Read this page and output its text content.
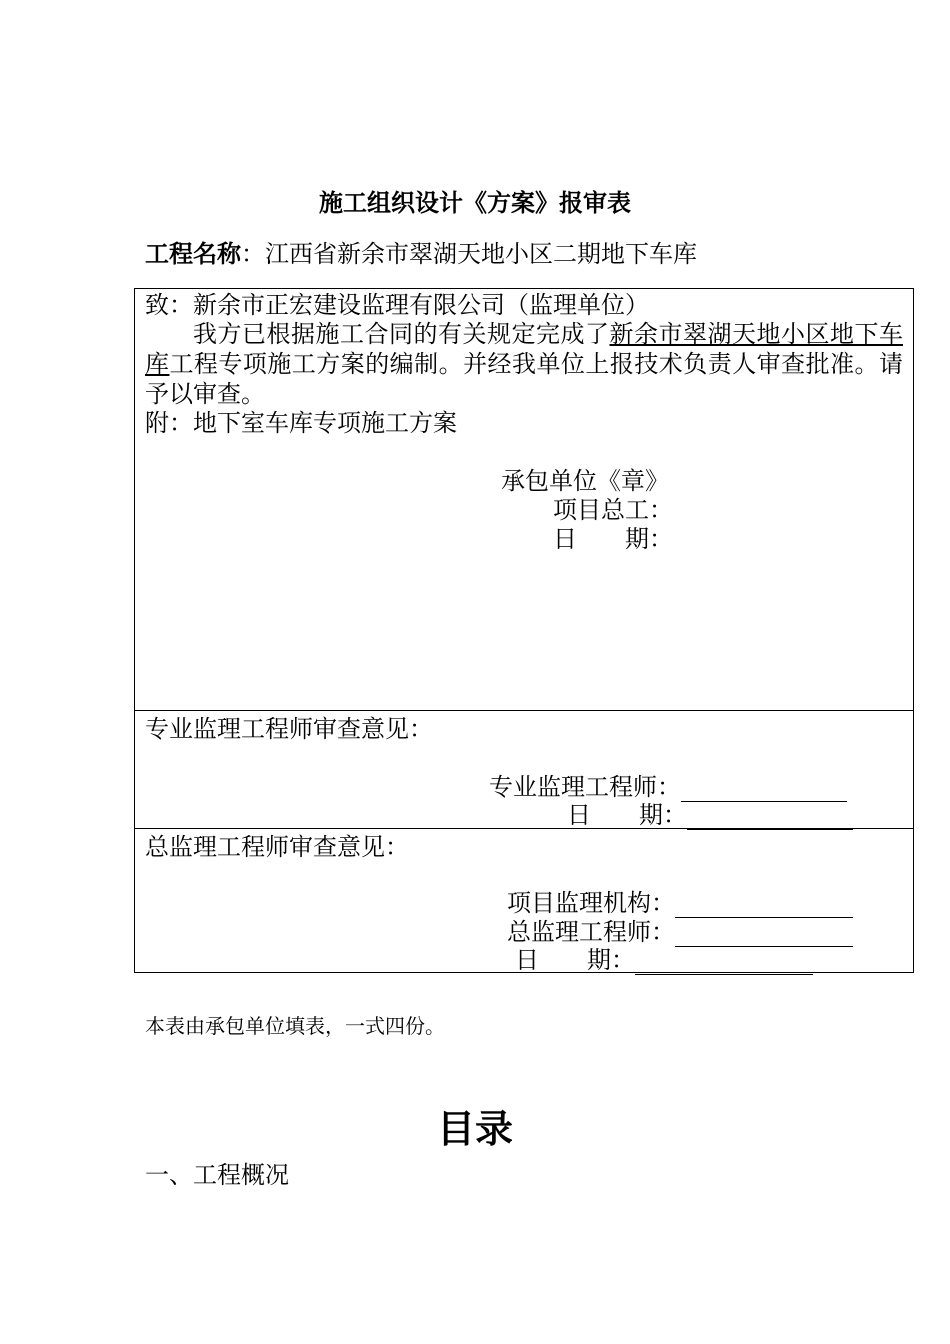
施工组织设计《方案》报审表
工程名称：江西省新余市翠湖天地小区二期地下车库
致：新余市正宏建设监理有限公司（监理单位）
我方已根据施工合同的有关规定完成了新余市翠湖天地小区地下车库工程专项施工方案的编制。并经我单位上报技术负责人审查批准。请予以审查。
附：地下室车库专项施工方案
承包单位《章》
项目总工：
日　　期：
专业监理工程师审查意见：
专业监理工程师：
日　　期：
总监理工程师审查意见：
项目监理机构：
总监理工程师：
日　　期：
本表由承包单位填表，一式四份。
目录
一、工程概况
